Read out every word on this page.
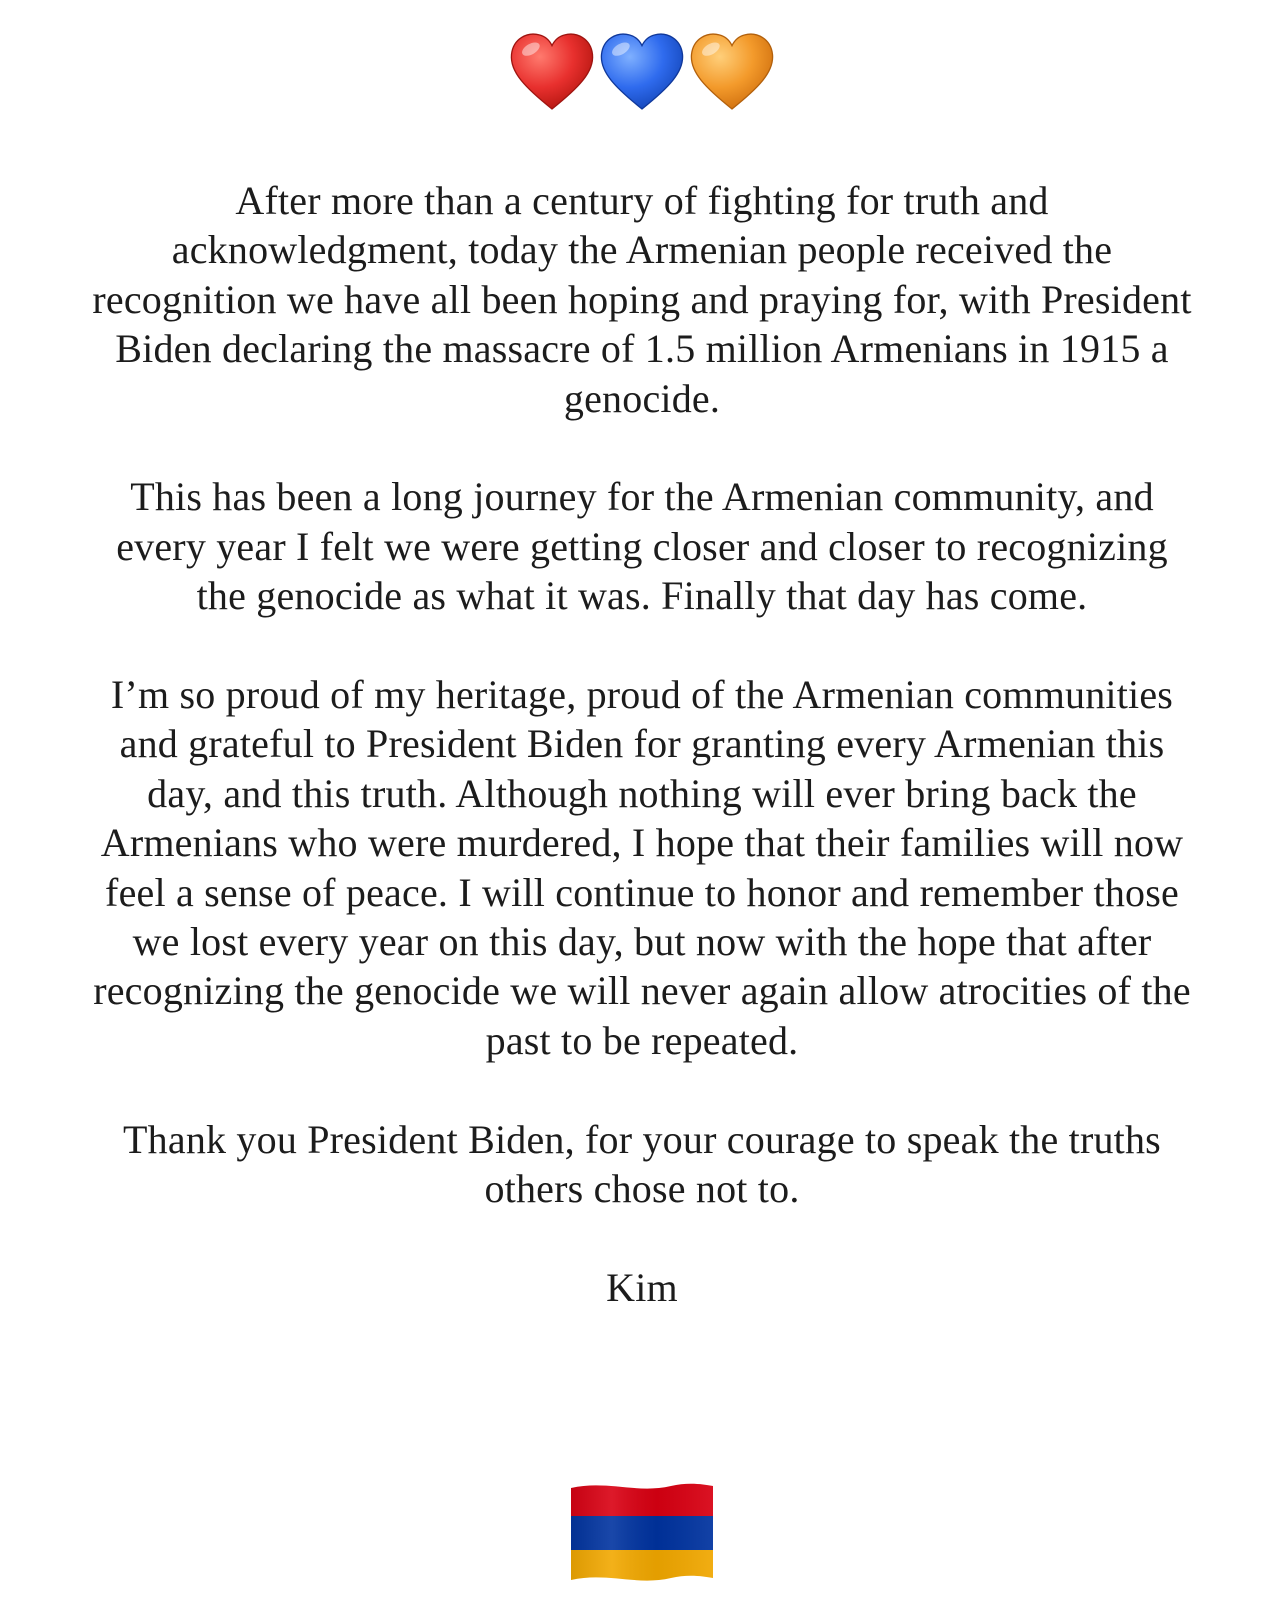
After more than a century of fighting for truth and acknowledgment, today the Armenian people received the recognition we have all been hoping and praying for, with President Biden declaring the massacre of 1.5 million Armenians in 1915 a genocide.

This has been a long journey for the Armenian community, and every year I felt we were getting closer and closer to recognizing the genocide as what it was. Finally that day has come.

I’m so proud of my heritage, proud of the Armenian communities and grateful to President Biden for granting every Armenian this day, and this truth. Although nothing will ever bring back the Armenians who were murdered, I hope that their families will now feel a sense of peace. I will continue to honor and remember those we lost every year on this day, but now with the hope that after recognizing the genocide we will never again allow atrocities of the past to be repeated.

Thank you President Biden, for your courage to speak the truths others chose not to.

Kim
